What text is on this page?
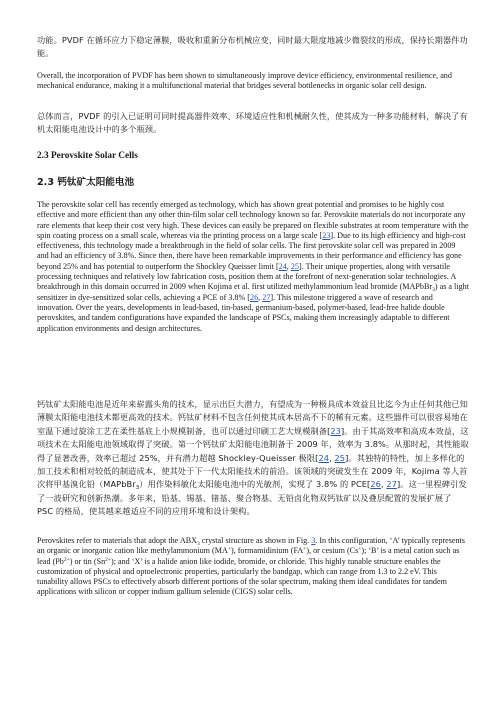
功能。PVDF 在循环应力下稳定薄膜，吸收和重新分布机械应变，同时最大限度地减少微裂纹的形成，保持长期器件功能。

Overall, the incorporation of PVDF has been shown to simultaneously improve device efficiency, environmental resilience, and mechanical endurance, making it a multifunctional material that bridges several bottlenecks in organic solar cell design.

总体而言，PVDF 的引入已证明可同时提高器件效率、环境适应性和机械耐久性，使其成为一种多功能材料，解决了有机太阳能电池设计中的多个瓶颈。

2.3 Perovskite Solar Cells
2.3 钙钛矿太阳能电池

The perovskite solar cell has recently emerged as technology, which has shown great potential and promises to be highly cost effective and more efficient than any other thin-film solar cell technology known so far. Perovskite materials do not incorporate any rare elements that keep their cost very high. These devices can easily be prepared on flexible substrates at room temperature with the spin coating process on a small scale, whereas via the printing process on a large scale [23]. Due to its high efficiency and high-cost effectiveness, this technology made a breakthrough in the field of solar cells. The first perovskite solar cell was prepared in 2009 and had an efficiency of 3.8%. Since then, there have been remarkable improvements in their performance and efficiency has gone beyond 25% and has potential to outperform the Shockley Queisser limit [24, 25]. Their unique properties, along with versatile processing techniques and relatively low fabrication costs, position them at the forefront of next-generation solar technologies. A breakthrough in this domain occurred in 2009 when Kojima et al. first utilized methylammonium lead bromide (MAPbBr$_3$) as a light sensitizer in dye-sensitized solar cells, achieving a PCE of 3.8% [26, 27]. This milestone triggered a wave of research and innovation. Over the years, developments in lead-based, tin-based, germanium-based, polymer-based, lead-free halide double perovskites, and tandem configurations have expanded the landscape of PSCs, making them increasingly adaptable to different application environments and design architectures.

钙钛矿太阳能电池是近年来崭露头角的技术，显示出巨大潜力，有望成为一种极具成本效益且比迄今为止任何其他已知薄膜太阳能电池技术都更高效的技术。钙钛矿材料不包含任何使其成本居高不下的稀有元素。这些器件可以很容易地在室温下通过旋涂工艺在柔性基底上小规模制备，也可以通过印刷工艺大规模制备[23]。由于其高效率和高成本效益，这项技术在太阳能电池领域取得了突破。第一个钙钛矿太阳能电池制备于 2009 年，效率为 3.8%。从那时起，其性能取得了显著改善，效率已超过 25%，并有潜力超越 Shockley-Queisser 极限[24, 25]。其独特的特性，加上多样化的加工技术和相对较低的制造成本，使其处于下一代太阳能技术的前沿。该领域的突破发生在 2009 年，Kojima 等人首次将甲基溴化铅（MAPbBr$_3$）用作染料敏化太阳能电池中的光敏剂，实现了 3.8% 的 PCE[26, 27]。这一里程碑引发了一波研究和创新热潮。多年来，铅基、锡基、锗基、聚合物基、无铅卤化物双钙钛矿以及叠层配置的发展扩展了 PSC 的格局，使其越来越适应不同的应用环境和设计架构。

Perovskites refer to materials that adopt the $ABX_3$ crystal structure as shown in Fig. 3. In this configuration, ‘A’ typically represents an organic or inorganic cation like methylammonium (MA+), formamidinium (FA+), or cesium (Cs+); ‘B’ is a metal cation such as lead $(Pb^{2+})$ or tin $(Sn^{2+})$; and ‘X’ is a halide anion like iodide, bromide, or chloride. This highly tunable structure enables the customization of physical and optoelectronic properties, particularly the bandgap, which can range from 1.3 to 2.2 eV. This tunability allows PSCs to effectively absorb different portions of the solar spectrum, making them ideal candidates for tandem applications with silicon or copper indium gallium selenide (CIGS) solar cells.
